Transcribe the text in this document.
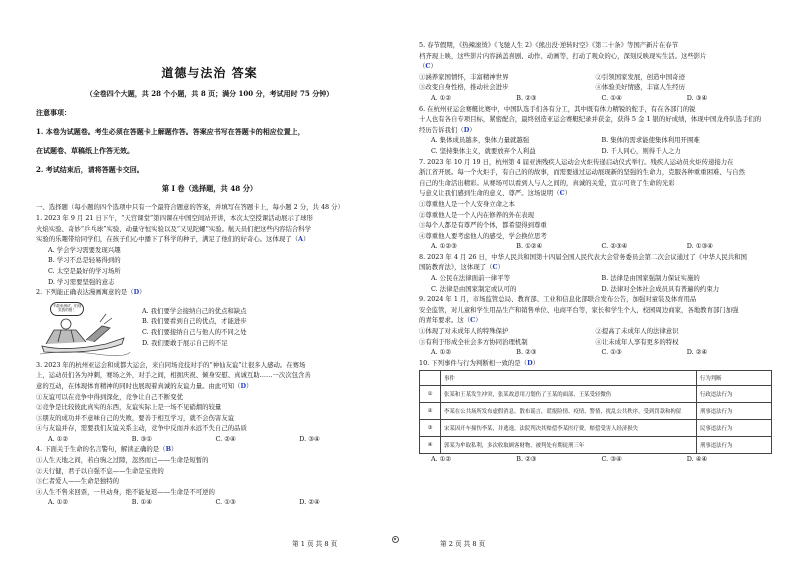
道德与法治 答案

（全卷四个大题，共 28 个小题，共 8 页；满分 100 分，考试用时 75 分钟）

注意事项：

1. 本卷为试题卷。考生必须在答题卡上解题作答。答案应书写在答题卡的相应位置上，

在试题卷、草稿纸上作答无效。

2. 考试结束后，请将答题卡交回。

第 I 卷（选择题，共 48 分）

一、选择题（每小题的四个选项中只有一个最符合题意的答案，并填写在答题卡上，每小题 2 分，共 48 分）

1. 2023 年 9 月 21 日下午，“天宫课堂”第四课在中国空间站开讲，本次太空授课活动展示了球形

火焰实验、奇妙“乒乓球”实验、动量守恒实验以及“又见陀螺”实验。航天员们把这些内容结合科学

实验的乐趣带给同学们，在孩子们心中播下了科学的种子，满足了他们的好奇心。这体现了（A）

A. 学会学习需要发现兴趣

B. 学习不总是轻易得到的

C. 太空是最好的学习场所

D. 学习需要坚强的意志

2. 下列能正确表达漫画寓意的是（D）

不敢来测试，怕别笑我的错！	A. 我们要学会接纳自己的优点和缺点

B. 我们要看到自己的优点，才能进步

C. 我们要接纳自己与他人的不同之处

D. 我们要敢于展示自己的不足

3. 2023 年的杭州亚运会和成都大运会，来自同场竞技对手的“神仙友谊”让很多人感动。在赛场

上，运动员们各为冲刺，赛场之外，对手之间，相拥庆祝、倾身安慰、真诚互助……一次次包含善

意的互动，在体现体育精神的同时也展现着真诚的友谊力量。由此可知（D）

①友谊可以在竞争中得到深化，竞争让自己不断变优

②竞争是比较彼此真实的东西，友谊实际上是一场不见硝烟的较量

③朋友的成功并不意味自己的失败，要善于相互学习，就不会伤害友谊

④与友谊并存，需要我们友谊关系主动，竞争中反而并永远不失自己的品质

A. ①②	B. ③①	C. ②④	D. ③④

4. 下面关于生命的名言警句，解读正确的是（B）

①人生天地之间，若白驹之过隙，忽然而已——生命是短暂的

②天行健，君子以自强不息——生命是宝贵的

③仁者爱人——生命是独特的

④人生不售来回票，一旦动身，绝不能复返——生命是不可逆的

A. ①②	B. ①④	C. ①③	D. ②④

5. 春节假期，《热辣滚烫》《飞驰人生 2》《熊出没·逆转时空》《第二十条》等国产新片在春节

档齐现上映，这些影片内容涵盖喜剧、动作、动画等，打动了观众的心，深刻反映现实生活。这些影片

（C）

①涵养家国情怀，丰富精神世界	②引领国家发展，创造中国奇迹

③改变自身性格，推动社会进步	④体验美好情感，丰富人生经历

A. ①②	B. ②③	C. ①④	D. ③④

6. 在杭州亚运会赛艇比赛中，中国队选手们各有分工，其中既有体力精锐的舵手，有在各部门的锐

十人也有各自专项目标，紧密配合，最终创造亚运会赛艇纪录并获金，获得 5 金 1 银的好成绩，体现中国龙舟队选手们的

经历告诉我们（D）

A. 集体成员越多，集体力量就越强	B. 集体的需求能使集体利用开围难

C. 坚持集体主义，就要放弃个人利益	D. 千人同心，则得千人之力

7. 2023 年 10 月 19 日，杭州第 4 届亚洲残疾人运动会火炬传递启动仪式举行。残疾人运动员火炬传递接力在

浙江省开展。每一个火炬手，有自己的的故事，而需要通过运动展现新的坚强的生命力，克服各种重重困难、与自然

自己的生命活出精彩。从赛场可以看到人与人之间的，真诚的关爱，宣示可贵了生命的光彩

与意义让我们感到生命的意义、尊严。这场说明（C）

①尊重他人是一个人安身立命之本

②尊重他人是一个人内在修养的外在表现

③每个人都是有尊严的个体，都希望得到尊重

④尊重他人要考虑他人的感受，学会换位思考

A. ①②③	B. ①②④	C. ②③④	D. ①③④

8. 2023 年 4 月 26 日，中华人民共和国第十四届全国人民代表大会常务委员会第二次会议通过了《中华人民共和国

国防教育法》，这体现了（C）

A. 公民在法律面前一律平等	B. 法律是由国家强制力保证实施的

C. 法律是由国家制定或认可的	D. 法律对全体社会成员具有普遍的约束力

9. 2024 年 1 月，市场监管总局、教育部、工业和信息化部联合发布公告，加强对童装及体育用品

安全监管，对儿童和学生用品生产和销售单位、电商平台等，家长和学生个人，校园周边商家，各地教育部门加强

的青年要求。这（C）

①体现了对未成年人的特殊保护	②提高了未成年人的法律意识

③有利于形成全社会多方协同治理机制	④让未成年人享有更多的特权

A. ①②	B. ②③	C. ①③	D. ②④

10. 下列事件与行为判断相一致的是（D）

	事件	行为判断
①	张某和王某发生冲突，张某故意用刀划伤了王某的面部，王某受轻微伤	行政违法行为
②	李某在公共场所发布虚假消息，散布谣言，谎报险情、疫情、警情，扰乱公共秩序，受到罚款和拘留	刑事违法行为
③	宋某因开车撞伤李某，并逃逸，法院判决其赔偿李某医疗费，赔偿受害人经济损失	民事违法行为
④	郭某为牟取私利，多次收取顾客财物，被判处有期徒刑三年	刑事违法行为

A. ①②	B. ②③	C. ③④	D. ④④

第 1 页 共 8 页	第 2 页 共 8 页
